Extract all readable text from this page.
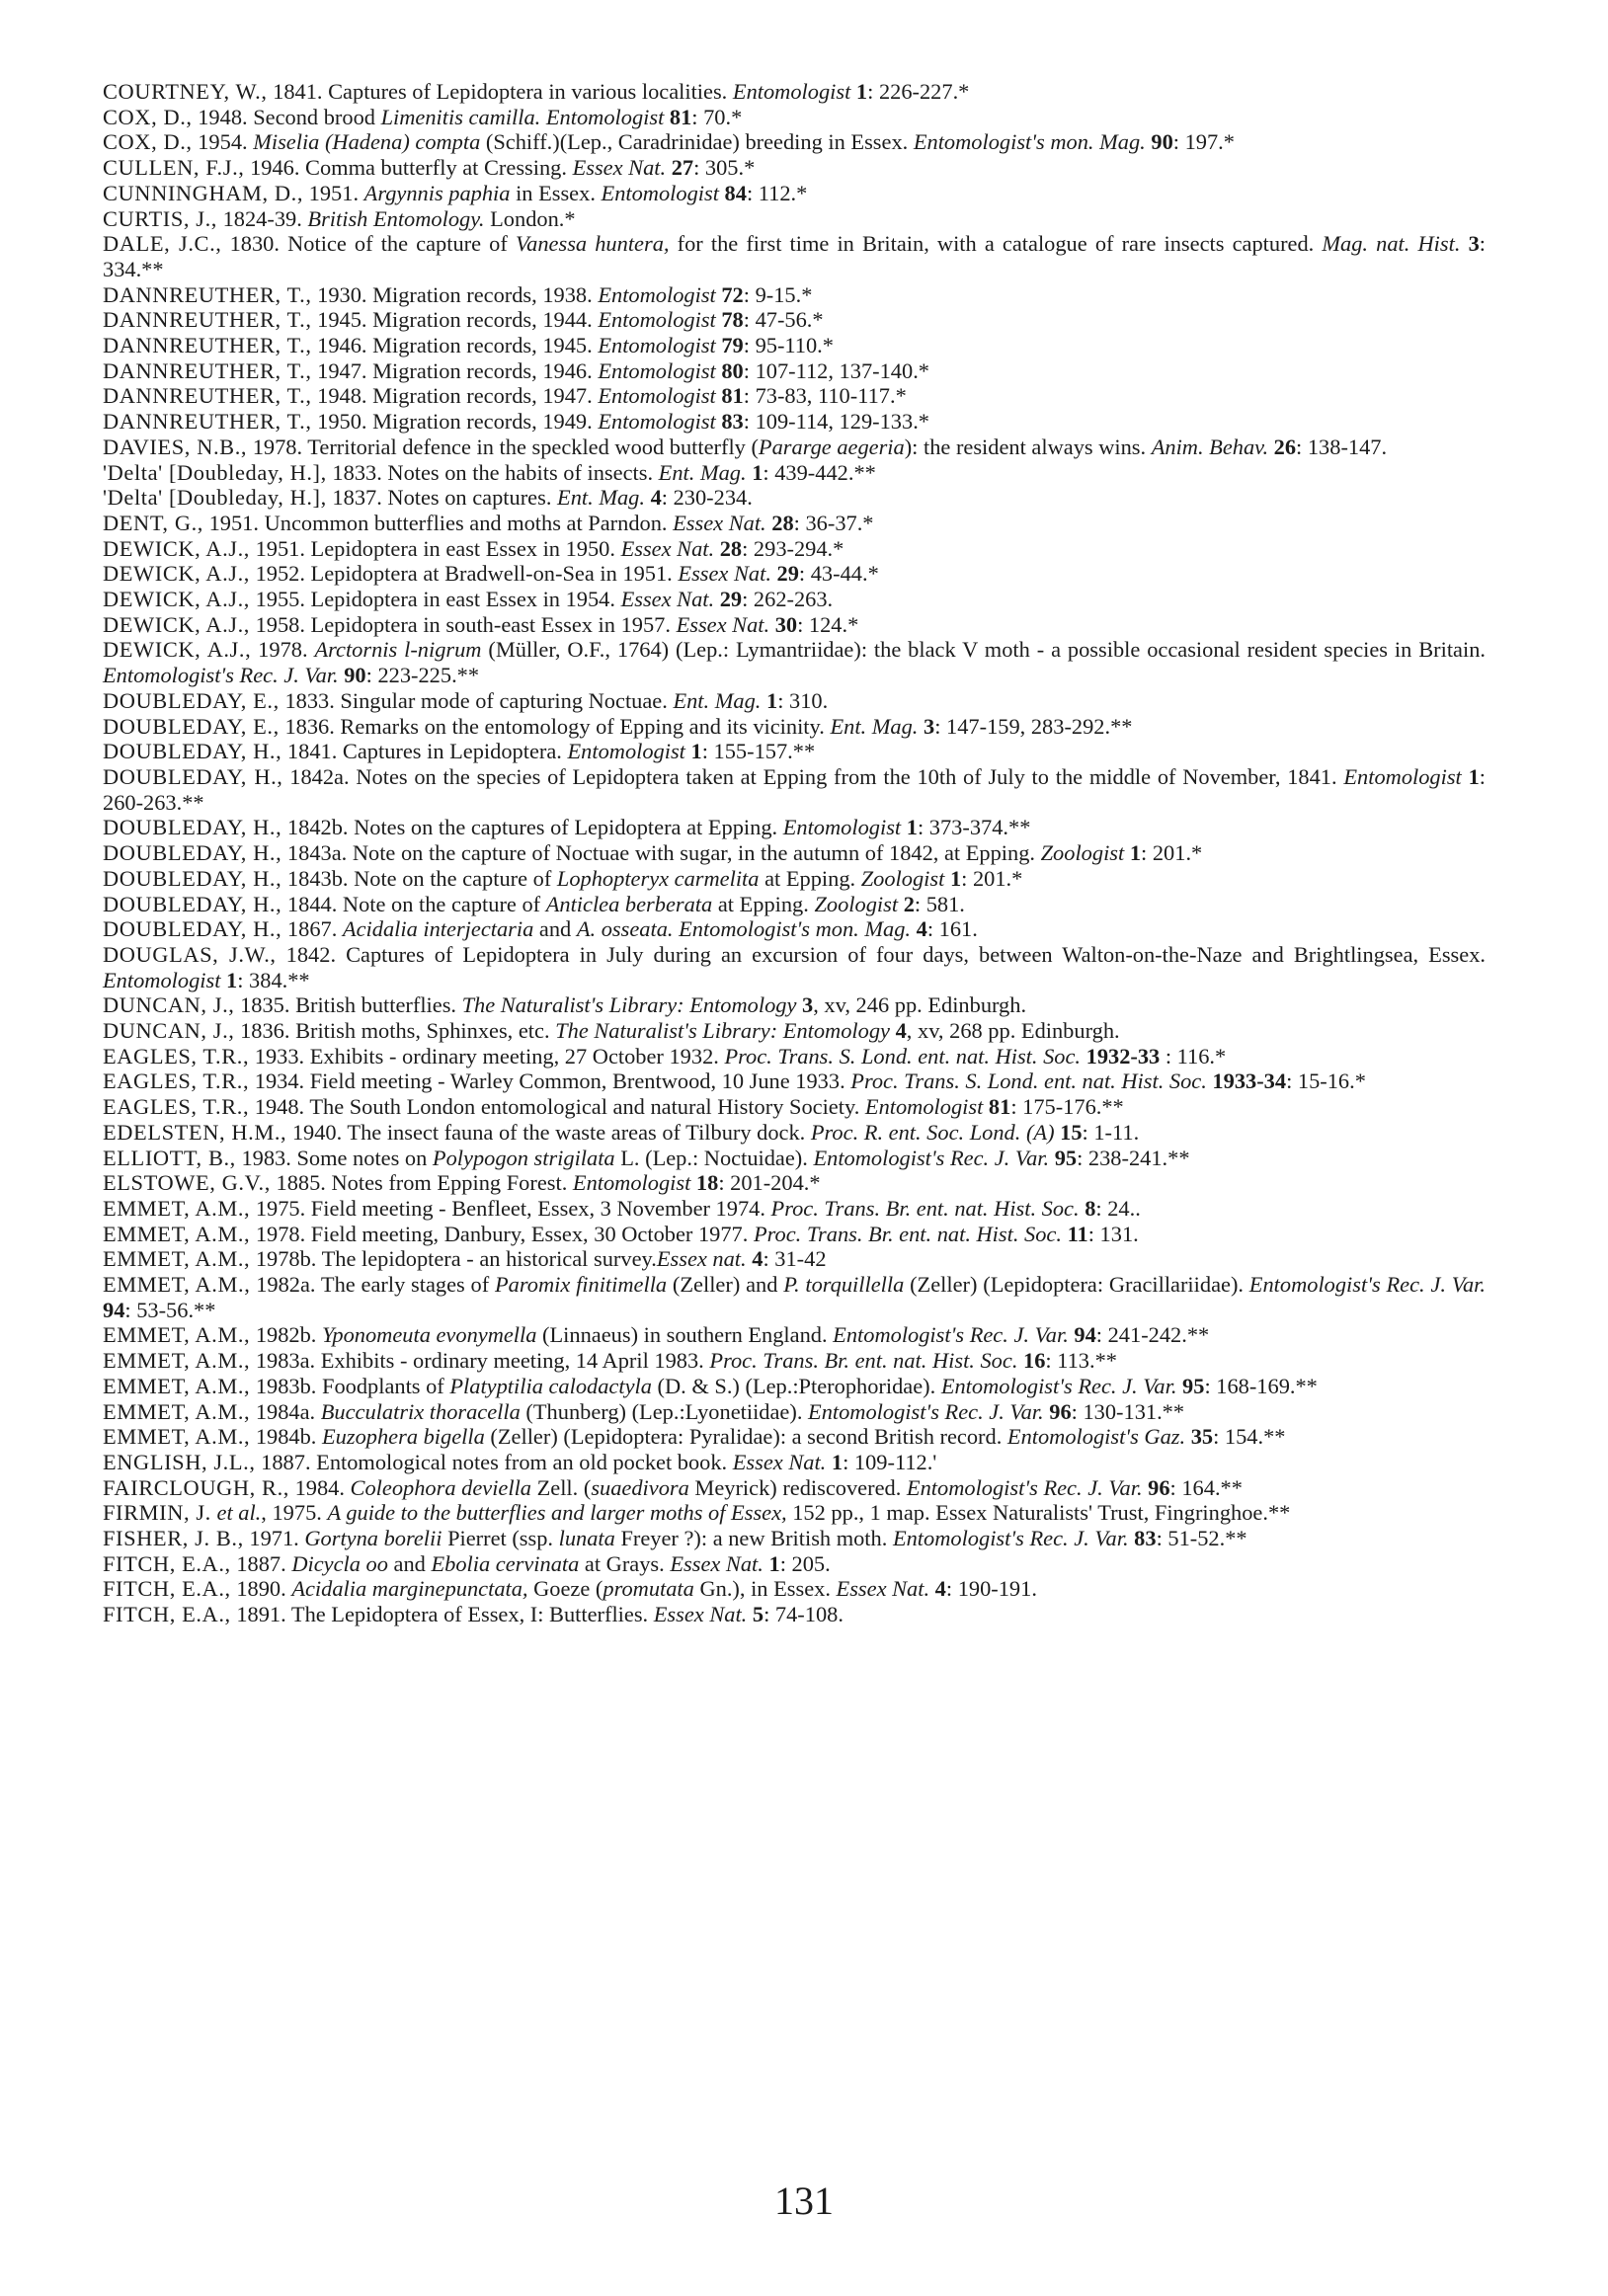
COURTNEY, W., 1841. Captures of Lepidoptera in various localities. Entomologist 1: 226-227.*

COX, D., 1948. Second brood Limenitis camilla. Entomologist 81: 70.*

COX, D., 1954. Miselia (Hadena) compta (Schiff.)(Lep., Caradrinidae) breeding in Essex. Entomologist's mon. Mag. 90: 197.*

CULLEN, F.J., 1946. Comma butterfly at Cressing. Essex Nat. 27: 305.*

CUNNINGHAM, D., 1951. Argynnis paphia in Essex. Entomologist 84: 112.*

CURTIS, J., 1824-39. British Entomology. London.*

DALE, J.C., 1830. Notice of the capture of Vanessa huntera, for the first time in Britain, with a catalogue of rare insects captured. Mag. nat. Hist. 3: 334.**

DANNREUTHER, T., 1930. Migration records, 1938. Entomologist 72: 9-15.*

DANNREUTHER, T., 1945. Migration records, 1944. Entomologist 78: 47-56.*

DANNREUTHER, T., 1946. Migration records, 1945. Entomologist 79: 95-110.*

DANNREUTHER, T., 1947. Migration records, 1946. Entomologist 80: 107-112, 137-140.*

DANNREUTHER, T., 1948. Migration records, 1947. Entomologist 81: 73-83, 110-117.*

DANNREUTHER, T., 1950. Migration records, 1949. Entomologist 83: 109-114, 129-133.*

DAVIES, N.B., 1978. Territorial defence in the speckled wood butterfly (Pararge aegeria): the resident always wins. Anim. Behav. 26: 138-147.

'Delta' [Doubleday, H.], 1833. Notes on the habits of insects. Ent. Mag. 1: 439-442.**

'Delta' [Doubleday, H.], 1837. Notes on captures. Ent. Mag. 4: 230-234.

DENT, G., 1951. Uncommon butterflies and moths at Parndon. Essex Nat. 28: 36-37.*

DEWICK, A.J., 1951. Lepidoptera in east Essex in 1950. Essex Nat. 28: 293-294.*

DEWICK, A.J., 1952. Lepidoptera at Bradwell-on-Sea in 1951. Essex Nat. 29: 43-44.*

DEWICK, A.J., 1955. Lepidoptera in east Essex in 1954. Essex Nat. 29: 262-263.

DEWICK, A.J., 1958. Lepidoptera in south-east Essex in 1957. Essex Nat. 30: 124.*

DEWICK, A.J., 1978. Arctornis l-nigrum (Müller, O.F., 1764) (Lep.: Lymantriidae): the black V moth - a possible occasional resident species in Britain. Entomologist's Rec. J. Var. 90: 223-225.**

DOUBLEDAY, E., 1833. Singular mode of capturing Noctuae. Ent. Mag. 1: 310.

DOUBLEDAY, E., 1836. Remarks on the entomology of Epping and its vicinity. Ent. Mag. 3: 147-159, 283-292.**

DOUBLEDAY, H., 1841. Captures in Lepidoptera. Entomologist 1: 155-157.**

DOUBLEDAY, H., 1842a. Notes on the species of Lepidoptera taken at Epping from the 10th of July to the middle of November, 1841. Entomologist 1: 260-263.**

DOUBLEDAY, H., 1842b. Notes on the captures of Lepidoptera at Epping. Entomologist 1: 373-374.**

DOUBLEDAY, H., 1843a. Note on the capture of Noctuae with sugar, in the autumn of 1842, at Epping. Zoologist 1: 201.*

DOUBLEDAY, H., 1843b. Note on the capture of Lophopteryx carmelita at Epping. Zoologist 1: 201.*

DOUBLEDAY, H., 1844. Note on the capture of Anticlea berberata at Epping. Zoologist 2: 581.

DOUBLEDAY, H., 1867. Acidalia interjectaria and A. osseata. Entomologist's mon. Mag. 4: 161.

DOUGLAS, J.W., 1842. Captures of Lepidoptera in July during an excursion of four days, between Walton-on-the-Naze and Brightlingsea, Essex. Entomologist 1: 384.**

DUNCAN, J., 1835. British butterflies. The Naturalist's Library: Entomology 3, xv, 246 pp. Edinburgh.

DUNCAN, J., 1836. British moths, Sphinxes, etc. The Naturalist's Library: Entomology 4, xv, 268 pp. Edinburgh.

EAGLES, T.R., 1933. Exhibits - ordinary meeting, 27 October 1932. Proc. Trans. S. Lond. ent. nat. Hist. Soc. 1932-33 : 116.*

EAGLES, T.R., 1934. Field meeting - Warley Common, Brentwood, 10 June 1933. Proc. Trans. S. Lond. ent. nat. Hist. Soc. 1933-34: 15-16.*

EAGLES, T.R., 1948. The South London entomological and natural History Society. Entomologist 81: 175-176.**

EDELSTEN, H.M., 1940. The insect fauna of the waste areas of Tilbury dock. Proc. R. ent. Soc. Lond. (A) 15: 1-11.

ELLIOTT, B., 1983. Some notes on Polypogon strigilata L. (Lep.: Noctuidae). Entomologist's Rec. J. Var. 95: 238-241.**

ELSTOWE, G.V., 1885. Notes from Epping Forest. Entomologist 18: 201-204.*

EMMET, A.M., 1975. Field meeting - Benfleet, Essex, 3 November 1974. Proc. Trans. Br. ent. nat. Hist. Soc. 8: 24..

EMMET, A.M., 1978. Field meeting, Danbury, Essex, 30 October 1977. Proc. Trans. Br. ent. nat. Hist. Soc. 11: 131.

EMMET, A.M., 1978b. The lepidoptera - an historical survey.Essex nat. 4: 31-42

EMMET, A.M., 1982a. The early stages of Paromix finitimella (Zeller) and P. torquillella (Zeller) (Lepidoptera: Gracillariidae). Entomologist's Rec. J. Var. 94: 53-56.**

EMMET, A.M., 1982b. Yponomeuta evonymella (Linnaeus) in southern England. Entomologist's Rec. J. Var. 94: 241-242.**

EMMET, A.M., 1983a. Exhibits - ordinary meeting, 14 April 1983. Proc. Trans. Br. ent. nat. Hist. Soc. 16: 113.**

EMMET, A.M., 1983b. Foodplants of Platyptilia calodactyla (D. & S.) (Lep.:Pterophoridae). Entomologist's Rec. J. Var. 95: 168-169.**

EMMET, A.M., 1984a. Bucculatrix thoracella (Thunberg) (Lep.:Lyonetiidae). Entomologist's Rec. J. Var. 96: 130-131.**

EMMET, A.M., 1984b. Euzophera bigella (Zeller) (Lepidoptera: Pyralidae): a second British record. Entomologist's Gaz. 35: 154.**

ENGLISH, J.L., 1887. Entomological notes from an old pocket book. Essex Nat. 1: 109-112.'

FAIRCLOUGH, R., 1984. Coleophora deviella Zell. (suaedivora Meyrick) rediscovered. Entomologist's Rec. J. Var. 96: 164.**

FIRMIN, J. et al., 1975. A guide to the butterflies and larger moths of Essex, 152 pp., 1 map. Essex Naturalists' Trust, Fingringhoe.**

FISHER, J. B., 1971. Gortyna borelii Pierret (ssp. lunata Freyer ?): a new British moth. Entomologist's Rec. J. Var. 83: 51-52.**

FITCH, E.A., 1887. Dicycla oo and Ebolia cervinata at Grays. Essex Nat. 1: 205.

FITCH, E.A., 1890. Acidalia marginepunctata, Goeze (promutata Gn.), in Essex. Essex Nat. 4: 190-191.

FITCH, E.A., 1891. The Lepidoptera of Essex, I: Butterflies. Essex Nat. 5: 74-108.

131
